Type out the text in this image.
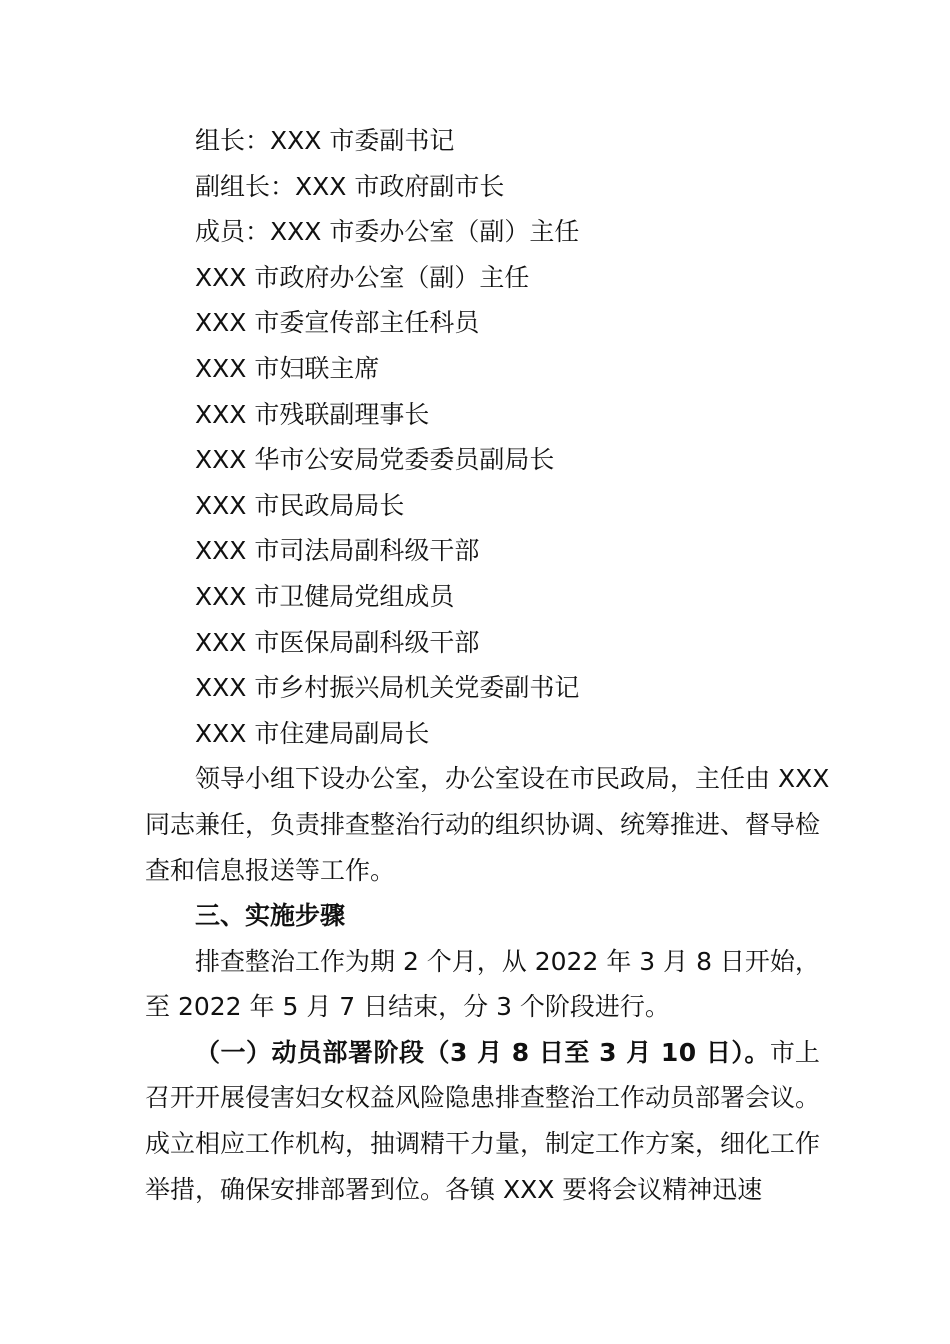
组长：XXX 市委副书记

副组长：XXX 市政府副市长

成员：XXX 市委办公室（副）主任

XXX 市政府办公室（副）主任

XXX 市委宣传部主任科员

XXX 市妇联主席

XXX 市残联副理事长

XXX 华市公安局党委委员副局长

XXX 市民政局局长

XXX 市司法局副科级干部

XXX 市卫健局党组成员

XXX 市医保局副科级干部

XXX 市乡村振兴局机关党委副书记

XXX 市住建局副局长

领导小组下设办公室，办公室设在市民政局，主任由 XXX 同志兼任，负责排查整治行动的组织协调、统筹推进、督导检查和信息报送等工作。

三、实施步骤

排查整治工作为期 2 个月，从 2022 年 3 月 8 日开始，至 2022 年 5 月 7 日结束，分 3 个阶段进行。

（一）动员部署阶段（3 月 8 日至 3 月 10 日）。市上召开开展侵害妇女权益风险隐患排查整治工作动员部署会议。成立相应工作机构，抽调精干力量，制定工作方案，细化工作举措，确保安排部署到位。各镇 XXX 要将会议精神迅速
